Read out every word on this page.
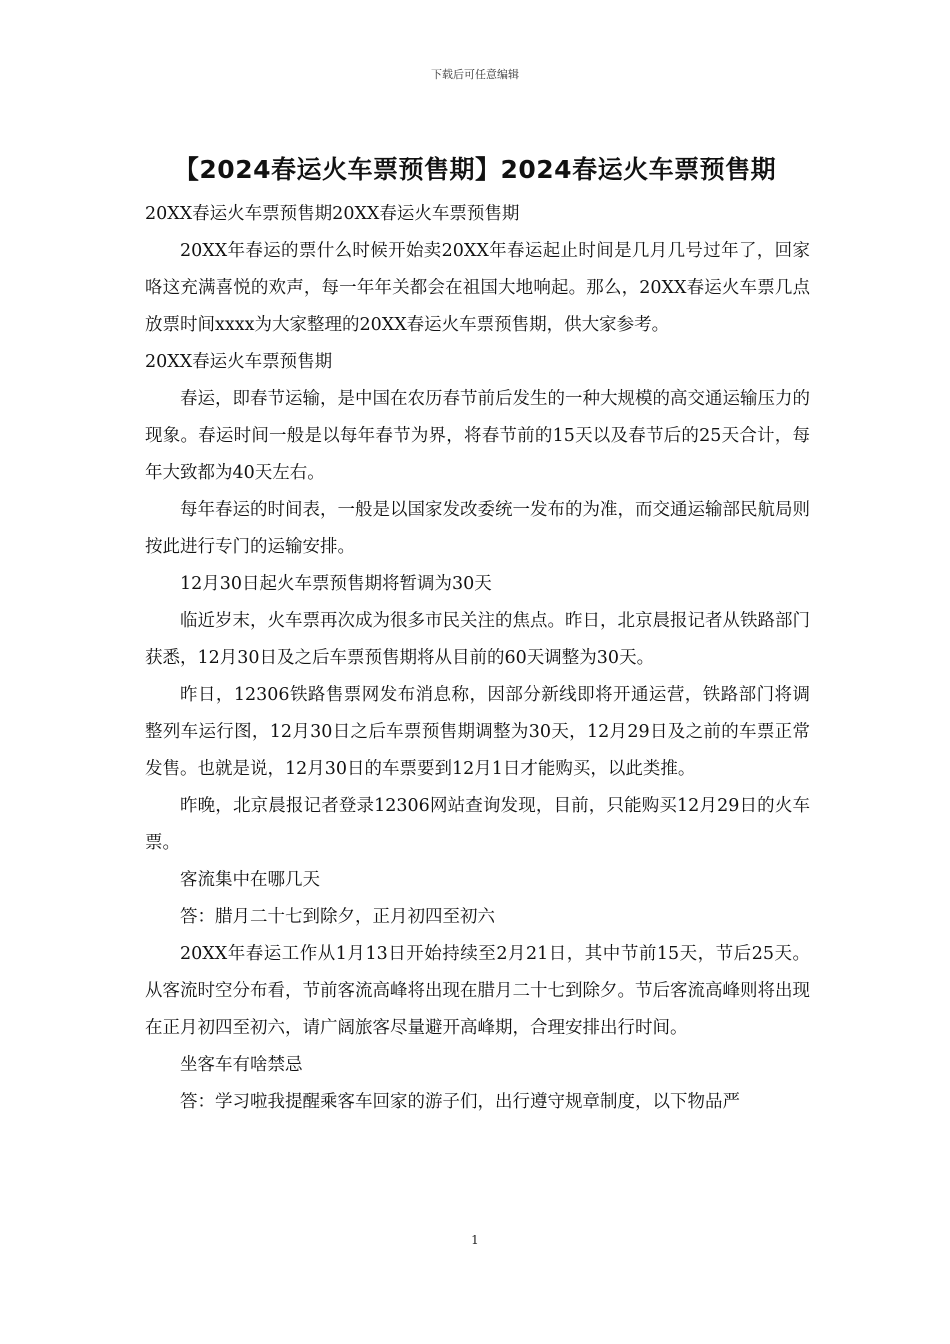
下载后可任意编辑
【2024春运火车票预售期】2024春运火车票预售期

20XX春运火车票预售期20XX春运火车票预售期

20XX年春运的票什么时候开始卖20XX年春运起止时间是几月几号过年了，回家咯这充满喜悦的欢声，每一年年关都会在祖国大地响起。那么，20XX春运火车票几点放票时间xxxx为大家整理的20XX春运火车票预售期，供大家参考。

20XX春运火车票预售期

春运，即春节运输，是中国在农历春节前后发生的一种大规模的高交通运输压力的现象。春运时间一般是以每年春节为界，将春节前的15天以及春节后的25天合计，每年大致都为40天左右。

每年春运的时间表，一般是以国家发改委统一发布的为准，而交通运输部民航局则按此进行专门的运输安排。

12月30日起火车票预售期将暂调为30天

临近岁末，火车票再次成为很多市民关注的焦点。昨日，北京晨报记者从铁路部门获悉，12月30日及之后车票预售期将从目前的60天调整为30天。

昨日，12306铁路售票网发布消息称，因部分新线即将开通运营，铁路部门将调整列车运行图，12月30日之后车票预售期调整为30天，12月29日及之前的车票正常发售。也就是说，12月30日的车票要到12月1日才能购买，以此类推。

昨晚，北京晨报记者登录12306网站查询发现，目前，只能购买12月29日的火车票。

客流集中在哪几天

答：腊月二十七到除夕，正月初四至初六

20XX年春运工作从1月13日开始持续至2月21日，其中节前15天，节后25天。从客流时空分布看，节前客流高峰将出现在腊月二十七到除夕。节后客流高峰则将出现在正月初四至初六，请广阔旅客尽量避开高峰期，合理安排出行时间。

坐客车有啥禁忌

答：学习啦我提醒乘客车回家的游子们，出行遵守规章制度，以下物品严

1
